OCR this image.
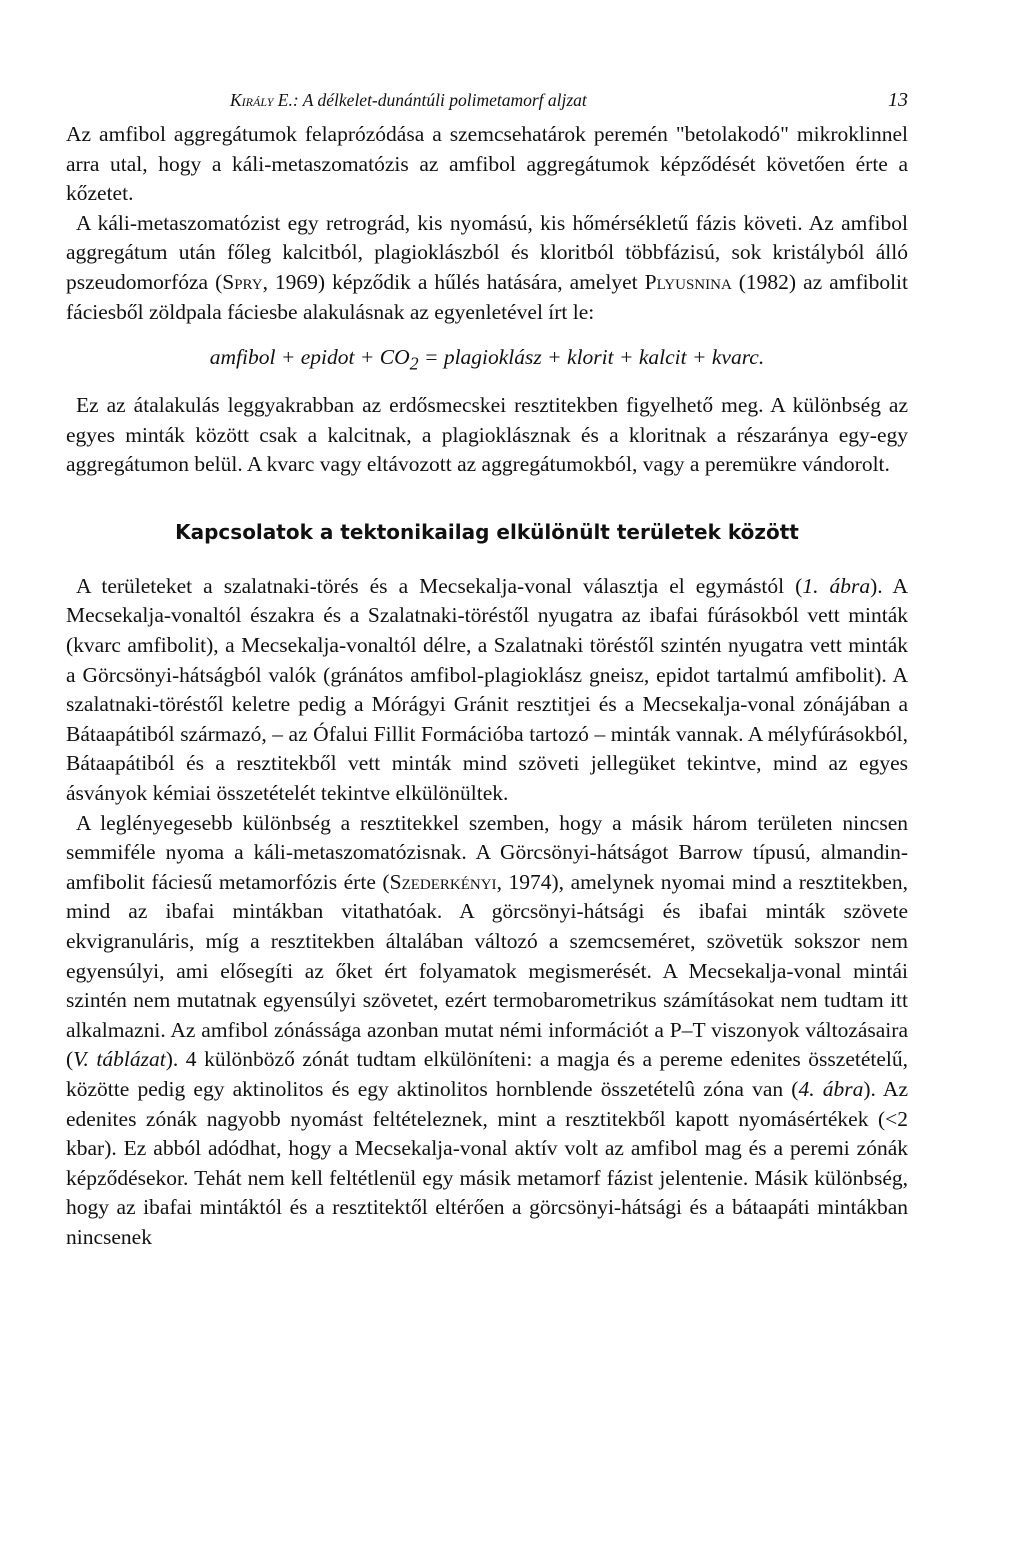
Király E.: A délkelet-dunántúli polimetamorf aljzat	13

Az amfibol aggregátumok felaprózódása a szemcsehatárok peremén "betolakodó" mikroklinnel arra utal, hogy a káli-metaszomatózis az amfibol aggregátumok képződését követően érte a kőzetet.

A káli-metaszomatózist egy retrográd, kis nyomású, kis hőmérsékletű fázis követi. Az amfibol aggregátum után főleg kalcitból, plagioklászból és kloritból többfázisú, sok kristályból álló pszeudomorfóza (Spry, 1969) képződik a hűlés hatására, amelyet Plyusnina (1982) az amfibolit fáciesből zöldpala fáciesbe alakulásnak az egyenletével írt le:

amfibol + epidot + $CO_2$ = plagioklász + klorit + kalcit + kvarc.

Ez az átalakulás leggyakrabban az erdősmecskei resztitekben figyelhető meg. A különbség az egyes minták között csak a kalcitnak, a plagioklásznak és a kloritnak a részaránya egy-egy aggregátumon belül. A kvarc vagy eltávozott az aggregátumokból, vagy a peremükre vándorolt.

Kapcsolatok a tektonikailag elkülönült területek között

A területeket a szalatnaki-törés és a Mecsekalja-vonal választja el egymástól (1. ábra). A Mecsekalja-vonaltól északra és a Szalatnaki-töréstől nyugatra az ibafai fúrásokból vett minták (kvarc amfibolit), a Mecsekalja-vonaltól délre, a Szalatnaki töréstől szintén nyugatra vett minták a Görcsönyi-hátságból valók (gránátos amfibol-plagioklász gneisz, epidot tartalmú amfibolit). A szalatnaki-töréstől keletre pedig a Mórágyi Gránit resztitjei és a Mecsekalja-vonal zónájában a Bátaapátiból származó, – az Ófalui Fillit Formációba tartozó – minták vannak. A mélyfúrásokból, Bátaapátiból és a resztitekből vett minták mind szöveti jellegüket tekintve, mind az egyes ásványok kémiai összetételét tekintve elkülönültek.

A leglényegesebb különbség a resztitekkel szemben, hogy a másik három területen nincsen semmiféle nyoma a káli-metaszomatózisnak. A Görcsönyi-hátságot Barrow típusú, almandin-amfibolit fáciesű metamorfózis érte (Szederkényi, 1974), amelynek nyomai mind a resztitekben, mind az ibafai mintákban vitathatóak. A görcsönyi-hátsági és ibafai minták szövete ekvigranuláris, míg a resztitekben általában változó a szemcseméret, szövetük sokszor nem egyensúlyi, ami elősegíti az őket ért folyamatok megismerését. A Mecsekalja-vonal mintái szintén nem mutatnak egyensúlyi szövetet, ezért termobarometrikus számításokat nem tudtam itt alkalmazni. Az amfibol zónássága azonban mutat némi információt a P–T viszonyok változásaira (V. táblázat). 4 különböző zónát tudtam elkülöníteni: a magja és a pereme edenites összetételű, közötte pedig egy aktinolitos és egy aktinolitos hornblende összetételû zóna van (4. ábra). Az edenites zónák nagyobb nyomást feltételeznek, mint a resztitekből kapott nyomásértékek (<2 kbar). Ez abból adódhat, hogy a Mecsekalja-vonal aktív volt az amfibol mag és a peremi zónák képződésekor. Tehát nem kell feltétlenül egy másik metamorf fázist jelentenie. Másik különbség, hogy az ibafai mintáktól és a resztitektől eltérően a görcsönyi-hátsági és a bátaapáti mintákban nincsenek
